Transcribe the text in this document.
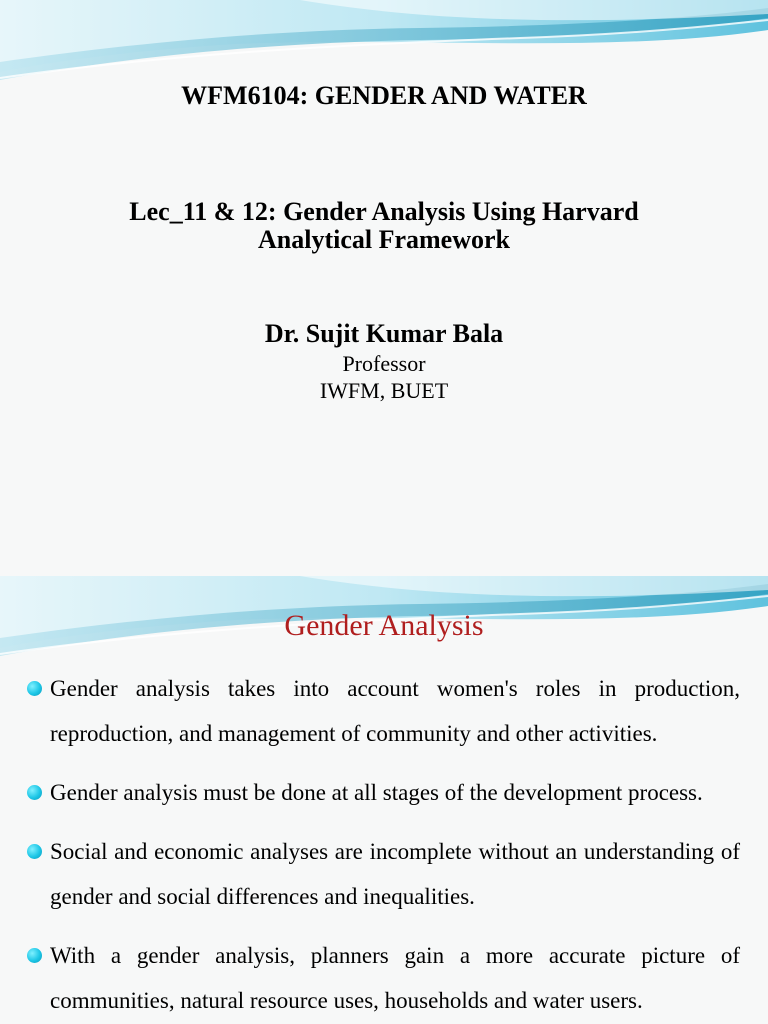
WFM6104: GENDER AND WATER
Lec_11 & 12: Gender Analysis Using Harvard
Analytical Framework
Dr. Sujit Kumar Bala
Professor
IWFM, BUET
Gender Analysis
Gender analysis takes into account women's roles in production, reproduction, and management of community and other activities.
Gender analysis must be done at all stages of the development process.
Social and economic analyses are incomplete without an understanding of gender and social differences and inequalities.
With a gender analysis, planners gain a more accurate picture of communities, natural resource uses, households and water users.
